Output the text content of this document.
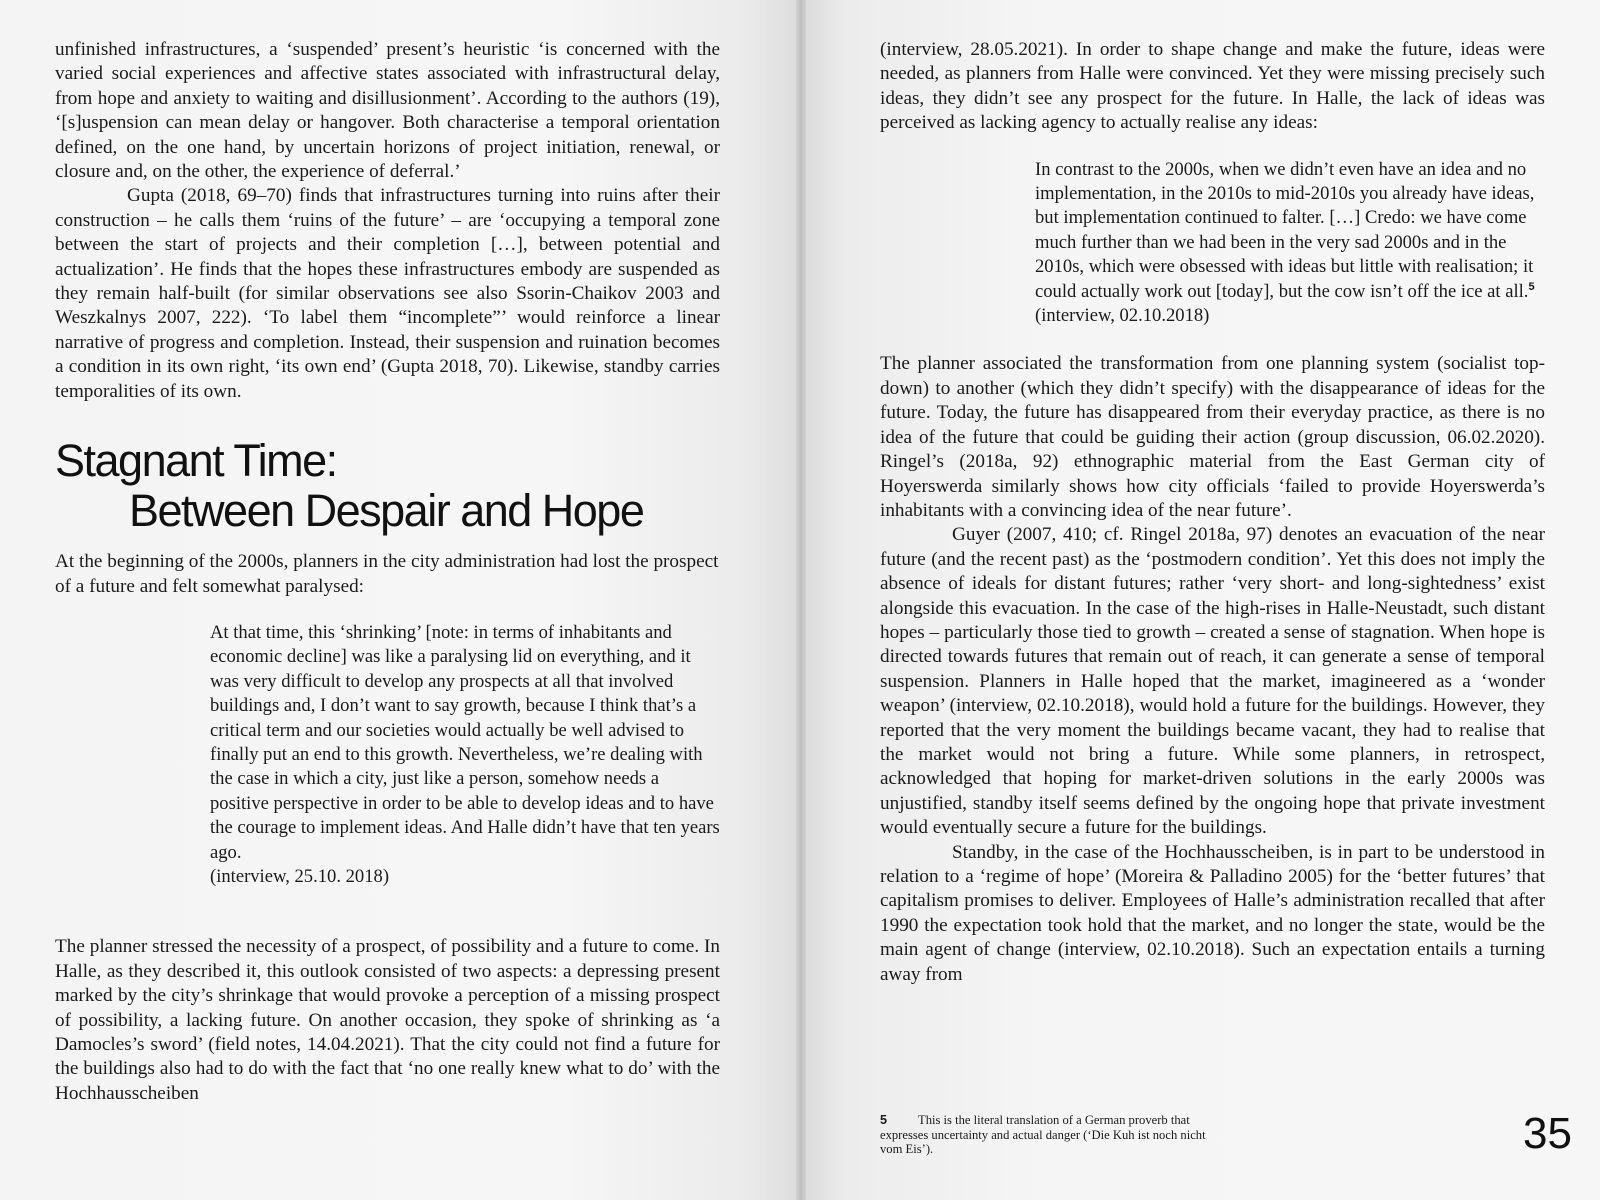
unfinished infrastructures, a ‘suspended’ present’s heuristic ‘is concerned with the varied social experiences and affective states associated with infrastructural delay, from hope and anxiety to waiting and disillusionment’. According to the authors (19), ‘[s]uspension can mean delay or hangover. Both characterise a temporal orientation defined, on the one hand, by uncertain horizons of project initiation, renewal, or closure and, on the other, the experience of deferral.’

Gupta (2018, 69–70) finds that infrastructures turning into ruins after their construction – he calls them ‘ruins of the future’ – are ‘occupying a temporal zone between the start of projects and their completion […], between potential and actualization’. He finds that the hopes these infrastructures embody are suspended as they remain half-built (for similar observations see also Ssorin-Chaikov 2003 and Weszkalnys 2007, 222). ‘To label them “incomplete”’ would reinforce a linear narrative of progress and completion. Instead, their suspension and ruination becomes a condition in its own right, ‘its own end’ (Gupta 2018, 70). Likewise, standby carries temporalities of its own.

Stagnant Time:
Between Despair and Hope

At the beginning of the 2000s, planners in the city administration had lost the prospect of a future and felt somewhat paralysed:

At that time, this ‘shrinking’ [note: in terms of inhabitants and economic decline] was like a paralysing lid on everything, and it was very difficult to develop any prospects at all that involved buildings and, I don’t want to say growth, because I think that’s a critical term and our societies would actually be well advised to finally put an end to this growth. Nevertheless, we’re dealing with the case in which a city, just like a person, somehow needs a positive perspective in order to be able to develop ideas and to have the courage to implement ideas. And Halle didn’t have that ten years ago.

(interview, 25.10. 2018)

The planner stressed the necessity of a prospect, of possibility and a future to come. In Halle, as they described it, this outlook consisted of two aspects: a depressing present marked by the city’s shrinkage that would provoke a perception of a missing prospect of possibility, a lacking future. On another occasion, they spoke of shrinking as ‘a Damocles’s sword’ (field notes, 14.04.2021). That the city could not find a future for the buildings also had to do with the fact that ‘no one really knew what to do’ with the Hochhausscheiben

(interview, 28.05.2021). In order to shape change and make the future, ideas were needed, as planners from Halle were convinced. Yet they were missing precisely such ideas, they didn’t see any prospect for the future. In Halle, the lack of ideas was perceived as lacking agency to actually realise any ideas:

In contrast to the 2000s, when we didn’t even have an idea and no implementation, in the 2010s to mid-2010s you already have ideas, but implementation continued to falter. […] Credo: we have come much further than we had been in the very sad 2000s and in the 2010s, which were obsessed with ideas but little with realisation; it could actually work out [today], but the cow isn’t off the ice at all.$^5$

(interview, 02.10.2018)

The planner associated the transformation from one planning system (socialist top-down) to another (which they didn’t specify) with the disappearance of ideas for the future. Today, the future has disappeared from their everyday practice, as there is no idea of the future that could be guiding their action (group discussion, 06.02.2020). Ringel’s (2018a, 92) ethnographic material from the East German city of Hoyerswerda similarly shows how city officials ‘failed to provide Hoyerswerda’s inhabitants with a convincing idea of the near future’.

Guyer (2007, 410; cf. Ringel 2018a, 97) denotes an evacuation of the near future (and the recent past) as the ‘postmodern condition’. Yet this does not imply the absence of ideals for distant futures; rather ‘very short- and long-sightedness’ exist alongside this evacuation. In the case of the high-rises in Halle-Neustadt, such distant hopes – particularly those tied to growth – created a sense of stagnation. When hope is directed towards futures that remain out of reach, it can generate a sense of temporal suspension. Planners in Halle hoped that the market, imagineered as a ‘wonder weapon’ (interview, 02.10.2018), would hold a future for the buildings. However, they reported that the very moment the buildings became vacant, they had to realise that the market would not bring a future. While some planners, in retrospect, acknowledged that hoping for market-driven solutions in the early 2000s was unjustified, standby itself seems defined by the ongoing hope that private investment would eventually secure a future for the buildings.

Standby, in the case of the Hochhausscheiben, is in part to be understood in relation to a ‘regime of hope’ (Moreira & Palladino 2005) for the ‘better futures’ that capitalism promises to deliver. Employees of Halle’s administration recalled that after 1990 the expectation took hold that the market, and no longer the state, would be the main agent of change (interview, 02.10.2018). Such an expectation entails a turning away from

5 This is the literal translation of a German proverb that expresses uncertainty and actual danger (‘Die Kuh ist noch nicht vom Eis’).	35
